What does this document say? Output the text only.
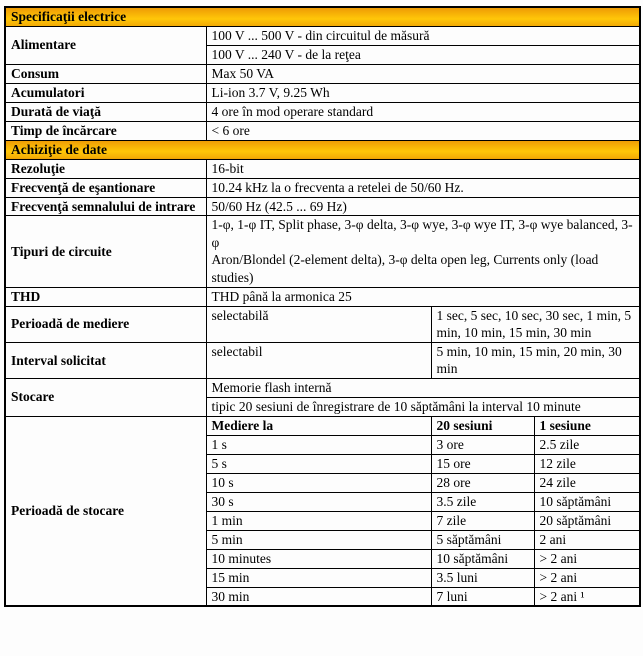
Specificaţii electrice			
Alimentare	100 V ... 500 V - din circuitul de măsură		
	100 V ... 240 V - de la reţea		
Consum	Max 50 VA		
Acumulatori	Li-ion 3.7 V, 9.25 Wh		
Durată de viaţă	4 ore în mod operare standard		
Timp de încărcare	< 6 ore		
Achiziţie de date			
Rezoluţie	16-bit		
Frecvenţă de eşantionare	10.24 kHz la o frecventa a retelei de 50/60 Hz.		
Frecvenţă semnalului de intrare	50/60 Hz (42.5 ... 69 Hz)		
Tipuri de circuite	1-φ, 1-φ IT, Split phase, 3-φ delta, 3-φ wye, 3-φ wye IT, 3-φ wye balanced, 3-φ
Aron/Blondel (2-element delta), 3-φ delta open leg, Currents only (load studies)		

THD	THD până la armonica 25		
Perioadă de mediere	selectabilă	1 sec, 5 sec, 10 sec, 30 sec, 1 min, 5 min, 10 min, 15 min, 30 min	
Interval solicitat	selectabil	5 min, 10 min, 15 min, 20 min, 30 min	
Stocare	Memorie flash internă		
	tipic 20 sesiuni de înregistrare de 10 săptămâni la interval 10 minute		
Perioadă de stocare	Mediere la	20 sesiuni	1 sesiune
	1 s	3 ore	2.5 zile
	5 s	15 ore	12 zile
	10 s	28 ore	24 zile
	30 s	3.5 zile	10 săptămâni
	1 min	7 zile	20 săptămâni
	5 min	5 săptămâni	2 ani
	10 minutes	10 săptămâni	> 2 ani
	15 min	3.5 luni	> 2 ani
	30 min	7 luni	> 2 ani ¹
